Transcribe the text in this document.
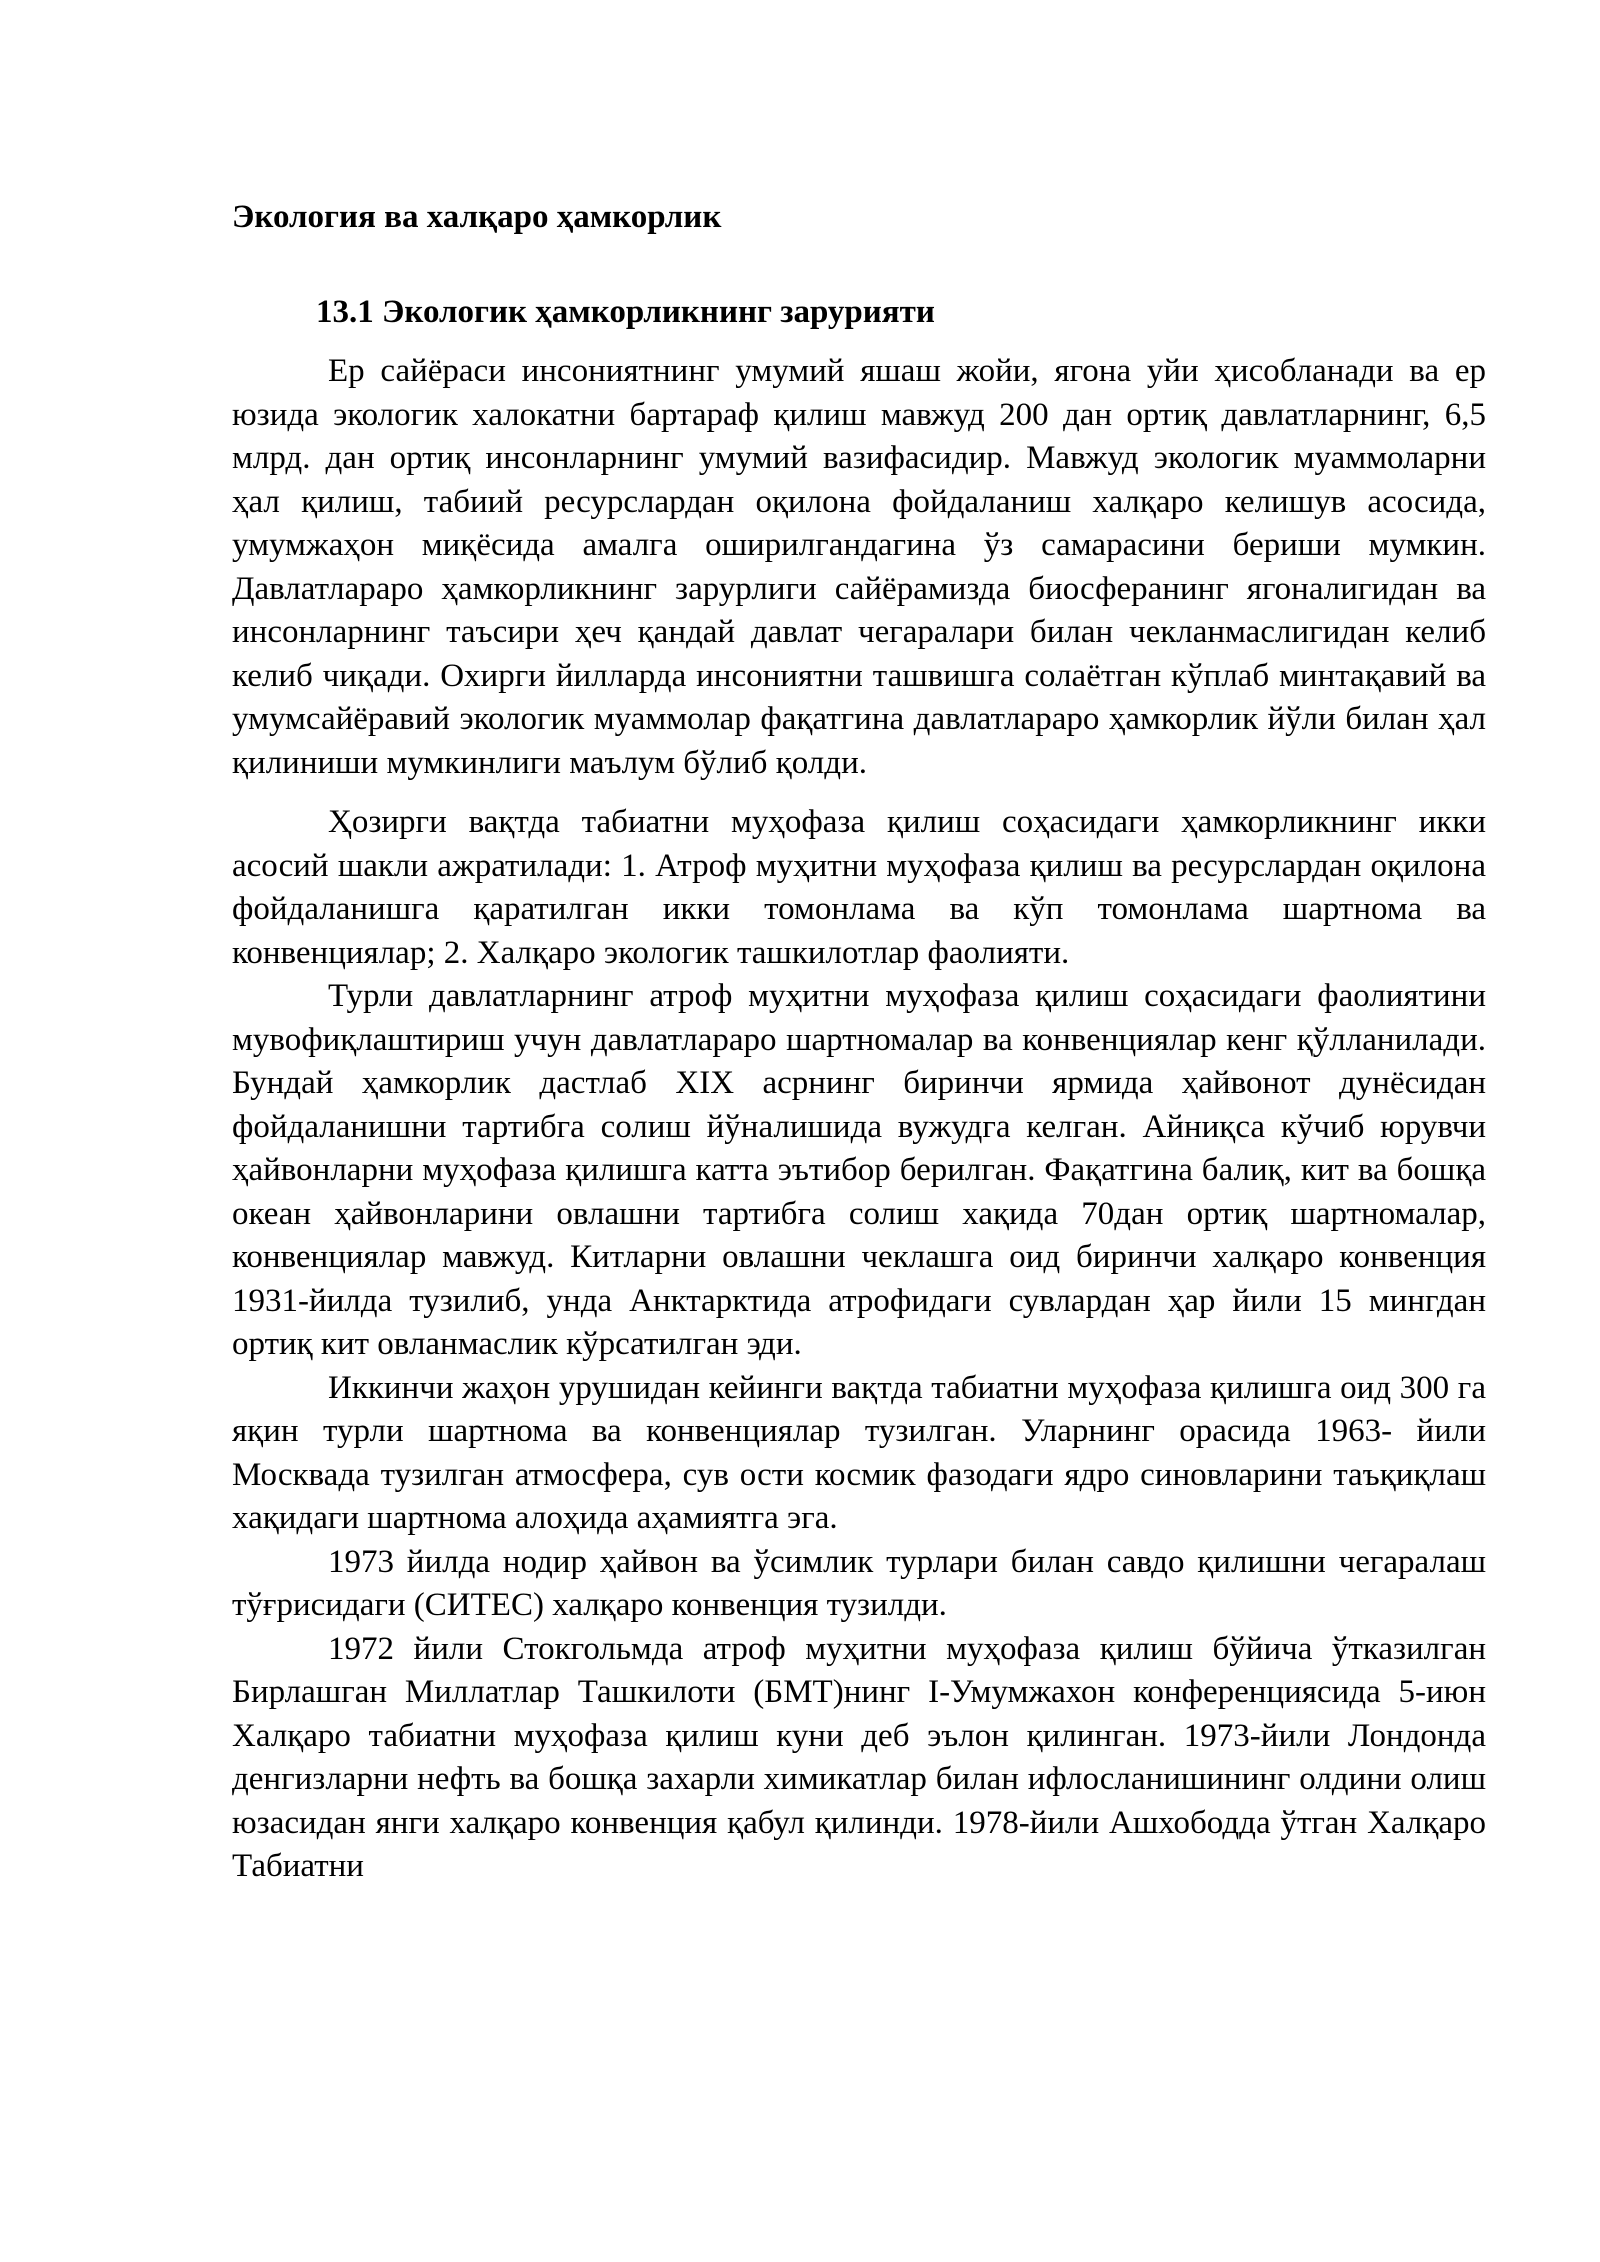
Экология ва халқаро ҳамкорлик

13.1 Экологик ҳамкорликнинг зарурияти

Ер сайёраси инсониятнинг умумий яшаш жойи, ягона уйи ҳисобланади ва ер юзида экологик халокатни бартараф қилиш мавжуд 200 дан ортиқ давлатларнинг, 6,5 млрд. дан ортиқ инсонларнинг умумий вазифасидир. Мавжуд экологик муаммоларни ҳал қилиш, табиий ресурслардан оқилона фойдаланиш халқаро келишув асосида, умумжаҳон миқёсида амалга оширилгандагина ўз самарасини бериши мумкин. Давлатлараро ҳамкорликнинг зарурлиги сайёрамизда биосферанинг ягоналигидан ва инсонларнинг таъсири ҳеч қандай давлат чегаралари билан чекланмаслигидан келиб келиб чиқади. Охирги йилларда инсониятни ташвишга солаётган кўплаб минтақавий ва умумсайёравий экологик муаммолар фақатгина давлатлараро ҳамкорлик йўли билан ҳал қилиниши мумкинлиги маълум бўлиб қолди.

Ҳозирги вақтда табиатни муҳофаза қилиш соҳасидаги ҳамкорликнинг икки асосий шакли ажратилади: 1. Атроф муҳитни муҳофаза қилиш ва ресурслардан оқилона фойдаланишга қаратилган икки томонлама ва кўп томонлама шартнома ва конвенциялар; 2. Халқаро экологик ташкилотлар фаолияти.

Турли давлатларнинг атроф муҳитни муҳофаза қилиш соҳасидаги фаолиятини мувофиқлаштириш учун давлатлараро шартномалар ва конвенциялар кенг қўлланилади. Бундай ҳамкорлик дастлаб XIX асрнинг биринчи ярмида ҳайвонот дунёсидан фойдаланишни тартибга солиш йўналишида вужудга келган. Айниқса кўчиб юрувчи ҳайвонларни муҳофаза қилишга катта эътибор берилган. Фақатгина балиқ, кит ва бошқа океан ҳайвонларини овлашни тартибга солиш хақида 70дан ортиқ шартномалар, конвенциялар мавжуд. Китларни овлашни чеклашга оид биринчи халқаро конвенция 1931-йилда тузилиб, унда Анктарктида атрофидаги сувлардан ҳар йили 15 мингдан ортиқ кит овланмаслик кўрсатилган эди.

Иккинчи жаҳон урушидан кейинги вақтда табиатни муҳофаза қилишга оид 300 га яқин турли шартнома ва конвенциялар тузилган. Уларнинг орасида 1963- йили Москвада тузилган атмосфера, сув ости космик фазодаги ядро синовларини таъқиқлаш хақидаги шартнома алоҳида аҳамиятга эга.

1973 йилда нодир ҳайвон ва ўсимлик турлари билан савдо қилишни чегаралаш тўғрисидаги (СИТЕС) халқаро конвенция тузилди.

1972 йили Стокгольмда атроф муҳитни муҳофаза қилиш бўйича ўтказилган Бирлашган Миллатлар Ташкилоти (БМТ)нинг I-Умумжахон конференциясида 5-июн Халқаро табиатни муҳофаза қилиш куни деб эълон қилинган. 1973-йили Лондонда денгизларни нефть ва бошқа захарли химикатлар билан ифлосланишининг олдини олиш юзасидан янги халқаро конвенция қабул қилинди. 1978-йили Ашхободда ўтган Халқаро Табиатни
